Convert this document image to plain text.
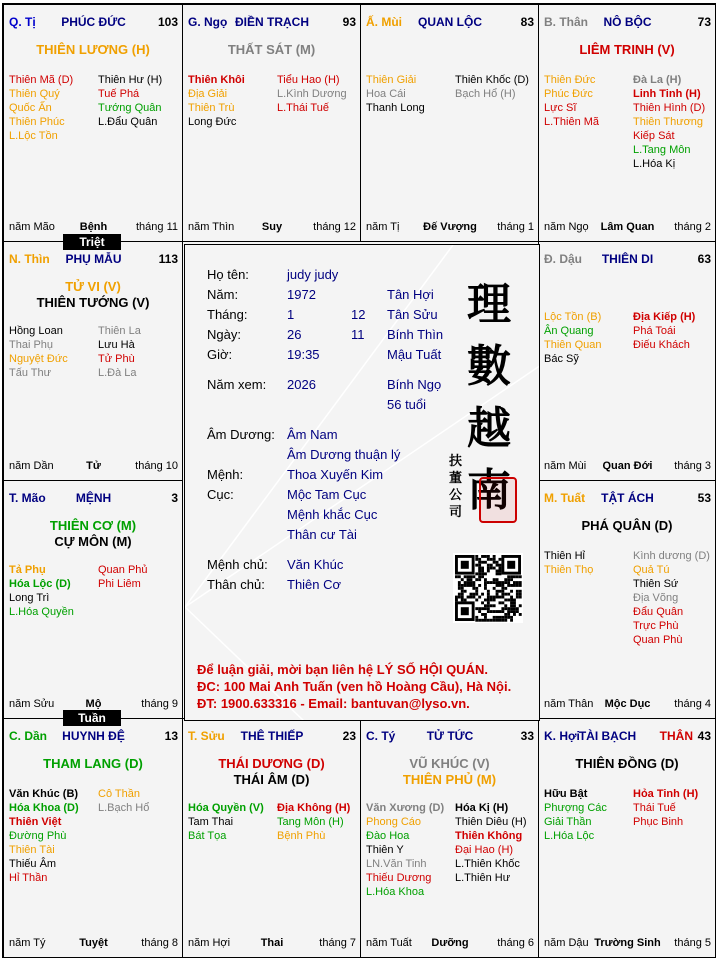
Q. Tị	PHÚC ĐỨC	103
THIÊN LƯƠNG (H)
Thiên Mã (D)
Thiên Quý
Quốc Ấn
Thiên Phúc
L.Lộc Tồn
Thiên Hư (H)
Tuế Phá
Tướng Quân
L.Đẩu Quân
năm Mão	Bệnh	tháng 11
G. Ngọ ĐIỀN TRẠCH	93
THẤT SÁT (M)
Thiên Khôi
Địa Giải
Thiên Trù
Long Đức
Tiểu Hao (H)
L.Kình Dương
L.Thái Tuế
năm Thìn	Suy	tháng 12
Ấ. Mùi	QUAN LỘC	83
Thiên Giải
Hoa Cái
Thanh Long
Thiên Khốc (D)
Bạch Hổ (H)
năm Tị	Đế Vượng	tháng 1
B. Thân	NÔ BỘC	73
LIÊM TRINH (V)
Thiên Đức
Phúc Đức
Lực Sĩ
L.Thiên Mã
Đà La (H)
Linh Tinh (H)
Thiên Hình (D)
Thiên Thương
Kiếp Sát
L.Tang Môn
L.Hóa Kị
năm Ngọ	Lâm Quan	tháng 2
N. Thìn	PHỤ MẪU	113
TỬ VI (V)
THIÊN TƯỚNG (V)
Hồng Loan
Thai Phụ
Nguyệt Đức
Tấu Thư
Thiên La
Lưu Hà
Tử Phù
L.Đà La
năm Dần	Tử	tháng 10
Đ. Dậu	THIÊN DI	63
Lộc Tồn (B)
Ân Quang
Thiên Quan
Bác Sỹ
Địa Kiếp (H)
Phá Toái
Điếu Khách
năm Mùi	Quan Đới	tháng 3
T. Mão	MỆNH	3
THIÊN CƠ (M)
CỰ MÔN (M)
Tả Phụ
Hóa Lộc (D)
Long Trì
L.Hóa Quyền
Quan Phủ
Phi Liêm
năm Sửu	Mộ	tháng 9
M. Tuất	TẬT ÁCH	53
PHÁ QUÂN (D)
Thiên Hỉ
Thiên Thọ
Kình dương (D)
Quả Tú
Thiên Sứ
Địa Võng
Đẩu Quân
Trực Phù
Quan Phù
năm Thân	Mộc Dục	tháng 4
C. Dần	HUYNH ĐỆ	13
THAM LANG (D)
Văn Khúc (B)
Hóa Khoa (D)
Thiên Việt
Đường Phù
Thiên Tài
Thiếu Âm
Hỉ Thần
Cô Thần
L.Bạch Hổ
năm Tý	Tuyệt	tháng 8
T. Sửu	THÊ THIẾP	23
THÁI DƯƠNG (D)
THÁI ÂM (D)
Hóa Quyền (V)
Tam Thai
Bát Tọa
Địa Không (H)
Tang Môn (H)
Bệnh Phù
năm Hợi	Thai	tháng 7
C. Tý	TỬ TỨC	33
VŨ KHÚC (V)
THIÊN PHỦ (M)
Văn Xương (D)
Phong Cáo
Đào Hoa
Thiên Y
LN.Văn Tinh
Thiếu Dương
L.Hóa Khoa
Hóa Kị (H)
Thiên Diêu (H)
Thiên Không
Đại Hao (H)
L.Thiên Khốc
L.Thiên Hư
năm Tuất	Dưỡng	tháng 6
K. Hợi
TÀI BẠCH	43
THÂN
THIÊN ĐỒNG (D)
Hữu Bật
Phượng Các
Giải Thần
L.Hóa Lộc
Hỏa Tinh (H)
Thái Tuế
Phục Binh
năm Dậu Trường Sinh	tháng 5
Triệt
Tuần
Họ tên:	judy judy
Năm:	1972	Tân Hợi
Tháng:	1	12 Tân Sửu
Ngày:	26	11 Bính Thìn
Giờ:	19:35	Mậu Tuất
Năm xem: 2026	Bính Ngọ
56 tuổi
Âm Dương: Âm Nam
Âm Dương thuận lý
Mệnh:	Thoa Xuyến Kim
Cục:	Mộc Tam Cục
Mệnh khắc Cục
Thân cư Tài
Mệnh chủ: Văn Khúc
Thân chủ: Thiên Cơ
理
數
越
南
扶
董
公
司
Để luận giải, mời bạn liên hệ LÝ SỐ HỘI QUÁN.
ĐC: 100 Mai Anh Tuấn (ven hồ Hoàng Cầu), Hà Nội.
ĐT: 1900.633316 - Email: bantuvan@lyso.vn.
